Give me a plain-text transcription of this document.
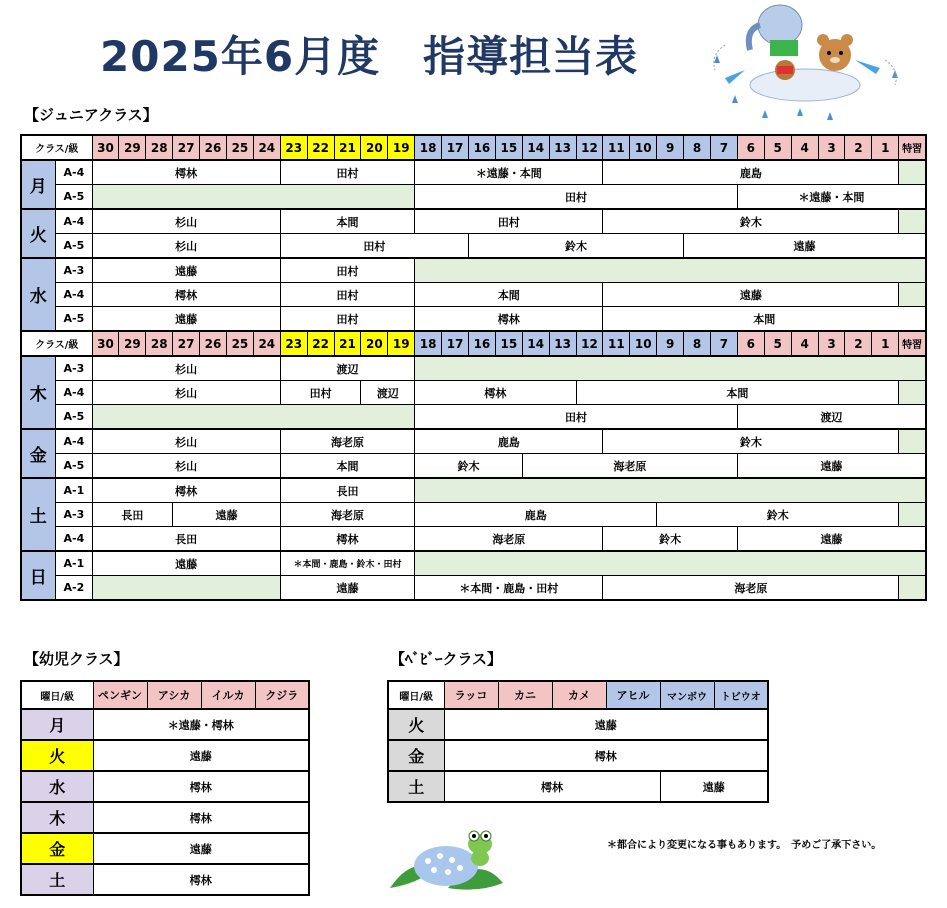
2025年6月度　指導担当表
【ジュニアクラス】
クラス/級		30	29	28	27	26	25	24	23	22	21	20	19	18	17	16	15	14	13	12	11	10	9	8	7	6	5	4	3	2	1	特習
月	A-4	樗林							田村					＊遠藤・本間							鹿島											
	A-5													田村												＊遠藤・本間						
火	A-4	杉山							本間					田村							鈴木											
	A-5	杉山							田村							鈴木								遠藤								
水	A-3	遠藤							田村																							
	A-4	樗林							田村					本間							遠藤											
	A-5	遠藤							田村					樗林							本間											
クラス/級		30	29	28	27	26	25	24	23	22	21	20	19	18	17	16	15	14	13	12	11	10	9	8	7	6	5	4	3	2	1	特習
木	A-3	杉山							渡辺																							
	A-4	杉山							田村			渡辺		樗林						本間												
	A-5													田村												渡辺						
金	A-4	杉山							海老原					鹿島							鈴木											
	A-5	杉山							本間					鈴木				海老原								遠藤						
土	A-1	樗林							長田																							
	A-3	長田			遠藤				海老原					鹿島									鈴木									
	A-4	長田							樗林					海老原							鈴木					遠藤						
日	A-1	遠藤							＊本間・鹿島・鈴木・田村																							
	A-2								遠藤					＊本間・鹿島・田村							海老原											
【幼児クラス】
曜日/級	ペンギン	アシカ	イルカ	クジラ
月	＊遠藤・樗林			
火	遠藤			
水	樗林			
木	樗林			
金	遠藤			
土	樗林			
【ﾍﾞﾋﾞｰクラス】
曜日/級	ラッコ	カニ	カメ	アヒル	マンボウ	トビウオ
火	遠藤					
金	樗林					
土	樗林				遠藤	
＊都合により変更になる事もあります。　予めご了承下さい。
